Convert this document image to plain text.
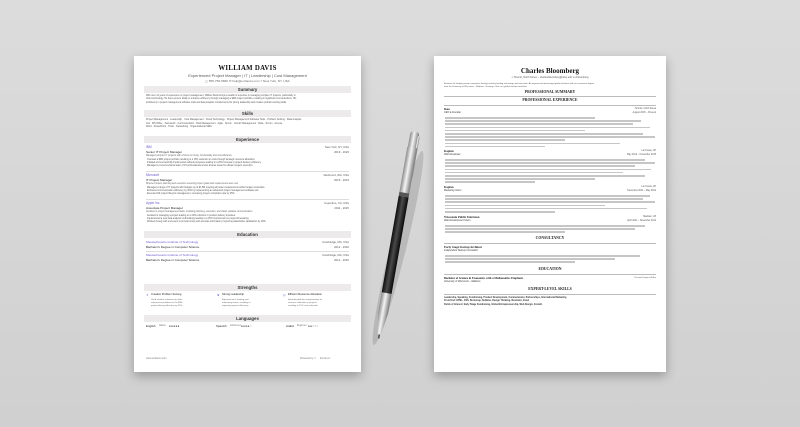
WILLIAM DAVIS
Experienced Project Manager | IT | Leadership | Cost Management
◻ 555-759-5830 ✉ help@enhancv.com ⌖ New York, NY, USA
Summary
With over 12 years of experience in project management, William Davis brings a wealth of expertise in managing complex IT projects, particularly in
cloud technology. He has a proven ability to enhance efficiency through managing a $2M project portfolio, resulting in significant cost reductions. His
proficiency in project management software tools and data analysis complements his strong leadership and creative problem-solving skills.
Skills
Project Management · Leadership · Cost Management · Cloud Technology · Project Management Software Tools · Problem Solving · Data Analysis
Jira · MS Office · Teamwork · Communication · Risk Management · Agile · Scrum · Vendor Management · Data · Scrum · Access
Word · PowerPoint · Trello · Networking · Organizational Skills
Experience
IBM	New York, NY, USA
Senior IT Project Manager	2019 - 2023
Managed complex IT projects with a focus on timing, functionality and cost efficiency.
Oversaw a $2M project portfolio resulting in a 15% reduction in costs through strategic resource allocation.
Initiated and successfully implemented refined processes leading to a 20% increase in project delivery efficiency.
Managed a cross-functional team of 15 professionals across diverse areas for efficient project execution.
Microsoft	Redmond, WA, USA
IT Project Manager	2015 - 2019
Directed project planning and execution ensuring project goals and requirements were met.
Managed a range of IT projects with budgets up to $1.5M meeting all project requirements within budget constraints.
Enhanced communication efficiency by 30% by implementing an advanced project management software tool.
Executed full project lifecycle management, increasing project completion rate by 25%.
Apple Inc.	Cupertino, CA, USA
Associate Project Manager	2011 - 2015
Assisted in project management tasks, including planning, execution, and status updates communication.
Assisted in managing a project leading to a 10% reduction in product delivery timelines.
Implemented a new data analysis methodology leading to a 15% improvement in project forecasting.
Worked closely with end-users to provide timely and accurate information, improving stakeholder satisfaction by 20%.
Education
Massachusetts Institute of Technology	Cambridge, MA, USA
Bachelor's Degree in Computer Science	2012 - 2016
Massachusetts Institute of Technology	Cambridge, MA, USA
Bachelor's Degree in Computer Science	2012 - 2016
Strengths
✦ Creative Problem Solving
Used creative solutions to tackle
unforeseen problems in the $2M
project driving efficiency up 30%.
♛ Strong Leadership
Experienced in leading and
motivating teams, resulting in
improving project efficiency.
◎ Efficient Resource Allocation
Spearheaded the reorganization of
resource allocation in projects
resulting in 15% cost reduction.
Languages
English Native ●●●●●	Spanish Advanced ●●●●○	Arabic Beginner ●●○○○
www.enhancv.com	Powered by ∞ Enhancv
Charles Bloomberg
⌖ Toronto, North Korea ✉ charlesbloomberg@wisc.edu in cbloomberg
Business for leading startup companies through industry-leading web design and execution. An experienced team-target global solutions with an economics degree
from the University of Wisconsin – Madison. Creating a Gun as a global startup consultant.
PROFESSIONAL SUMMARY
PROFESSIONAL EXPERIENCE
Ikea	Toronto, North Korea
CEO & Founder	August 2015 – Present
Kaplan	La Crosse, WI
Web Developer	May 2012 – November 2015
Kaplan	La Crosse, WI
Marketing Intern	November 2011 – May 2012
Wisconsin Public Television	Madison, WI
Web Development Intern	April 2011 – November 2011
CONSULTANCY
Early Stage Startup Architect
Independent Startup Consultant
EDUCATION
Bachelor of Science in Economics with a Mathematics Emphasis	Present Kanpur Kh6ra
University of Wisconsin – Madison
EXPERT-LEVEL SKILLS
Leadership, Speaking, Fundraising, Product Development, Communicator, Partnerships, International Marketing
Front End: HTML, CSS, Bootstrap, Sublime, Design Thinking, Illustrator, Excel
Fields of Interest: Early Stage Fundraising, Global Entrepreneurship, Web Design, Growth
